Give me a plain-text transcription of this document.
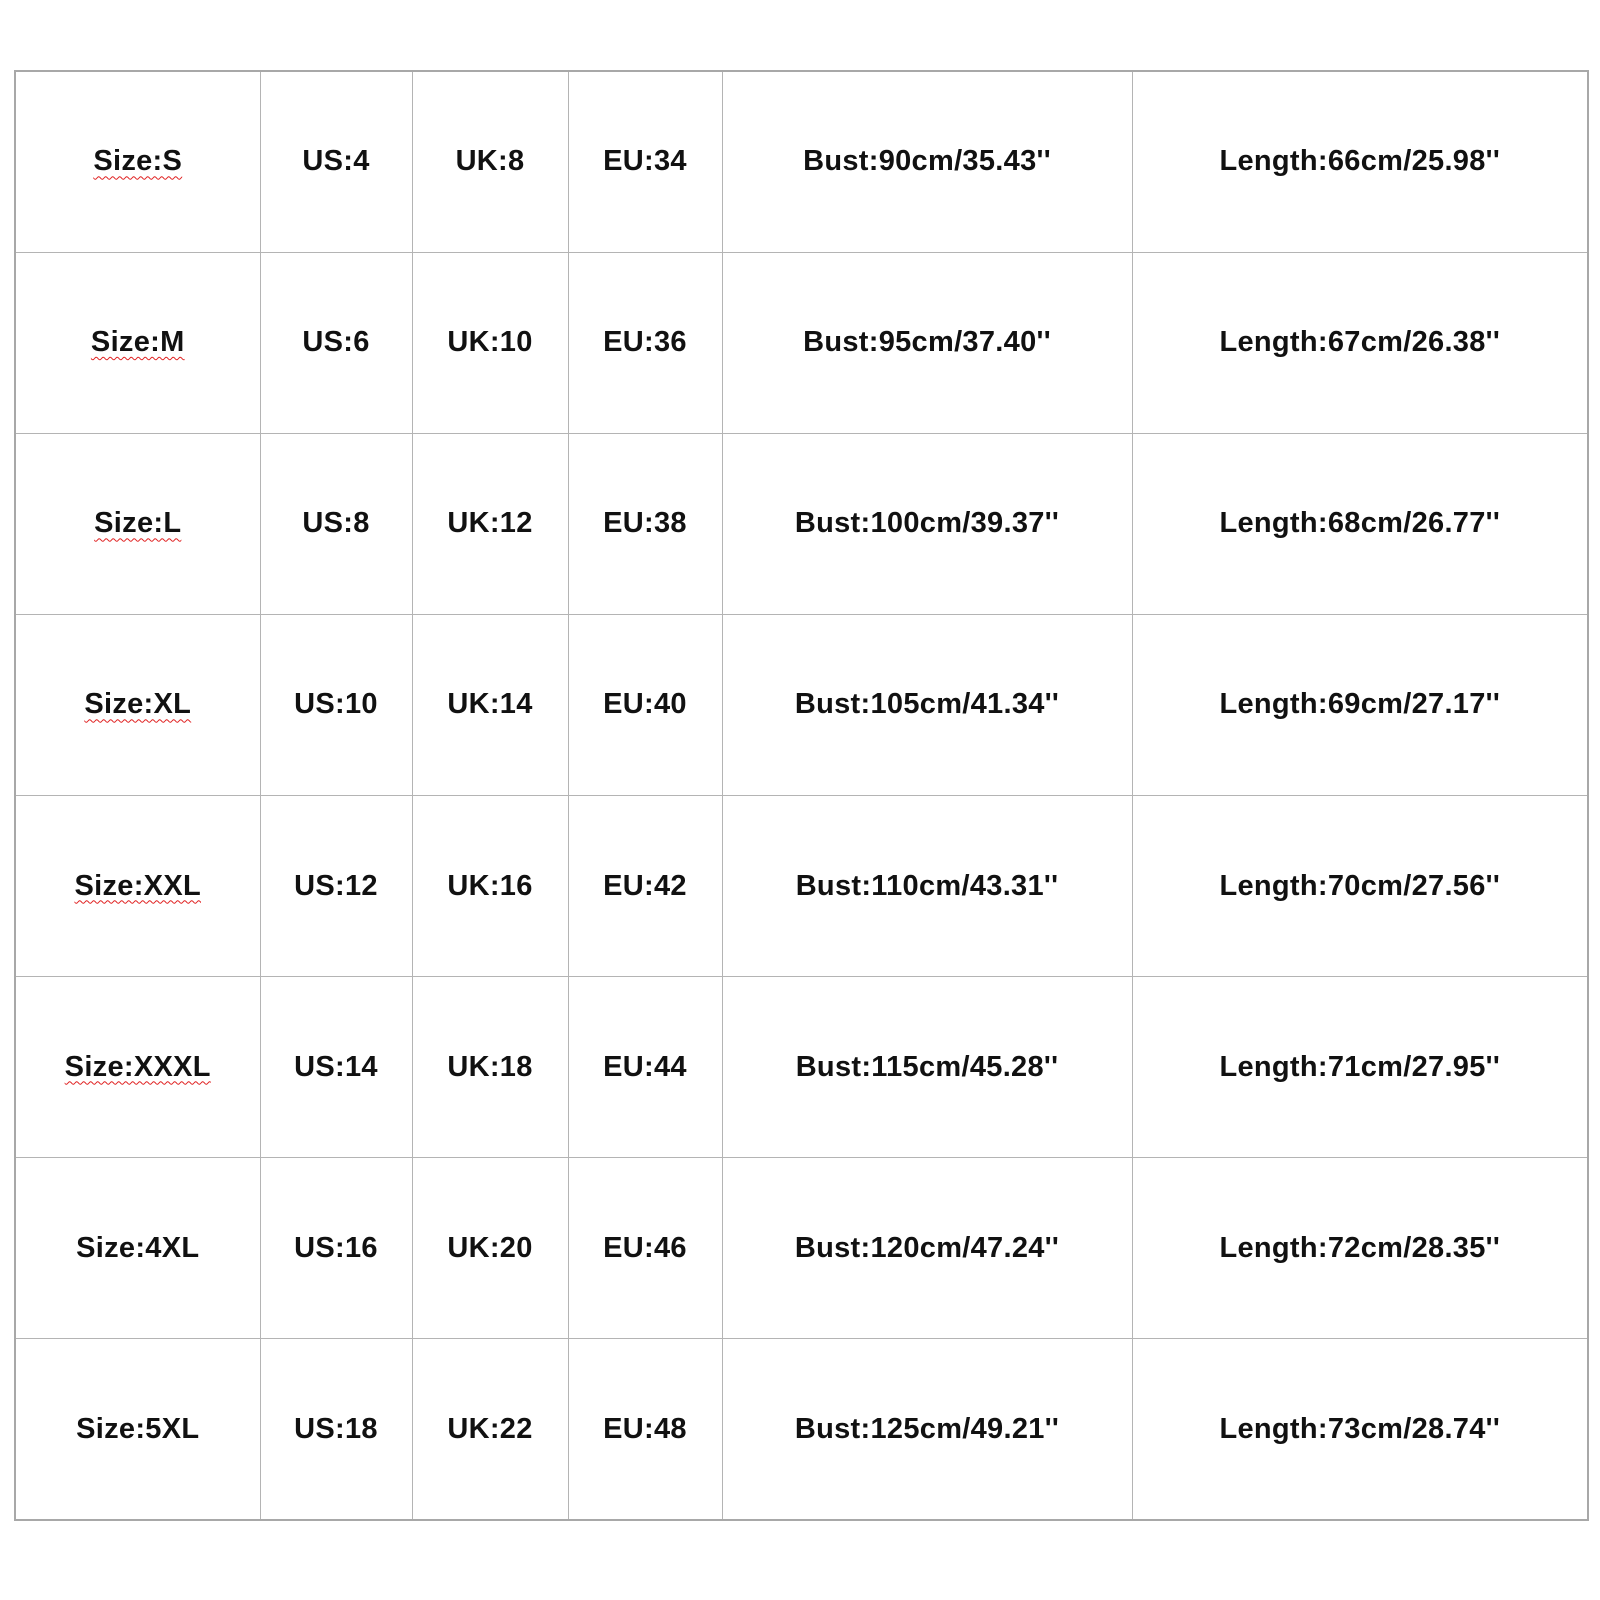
Size:S	US:4	UK:8	EU:34	Bust:90cm/35.43''	Length:66cm/25.98''
Size:M	US:6	UK:10	EU:36	Bust:95cm/37.40''	Length:67cm/26.38''
Size:L	US:8	UK:12	EU:38	Bust:100cm/39.37''	Length:68cm/26.77''
Size:XL	US:10	UK:14	EU:40	Bust:105cm/41.34''	Length:69cm/27.17''
Size:XXL	US:12	UK:16	EU:42	Bust:110cm/43.31''	Length:70cm/27.56''
Size:XXXL	US:14	UK:18	EU:44	Bust:115cm/45.28''	Length:71cm/27.95''
Size:4XL	US:16	UK:20	EU:46	Bust:120cm/47.24''	Length:72cm/28.35''
Size:5XL	US:18	UK:22	EU:48	Bust:125cm/49.21''	Length:73cm/28.74''
